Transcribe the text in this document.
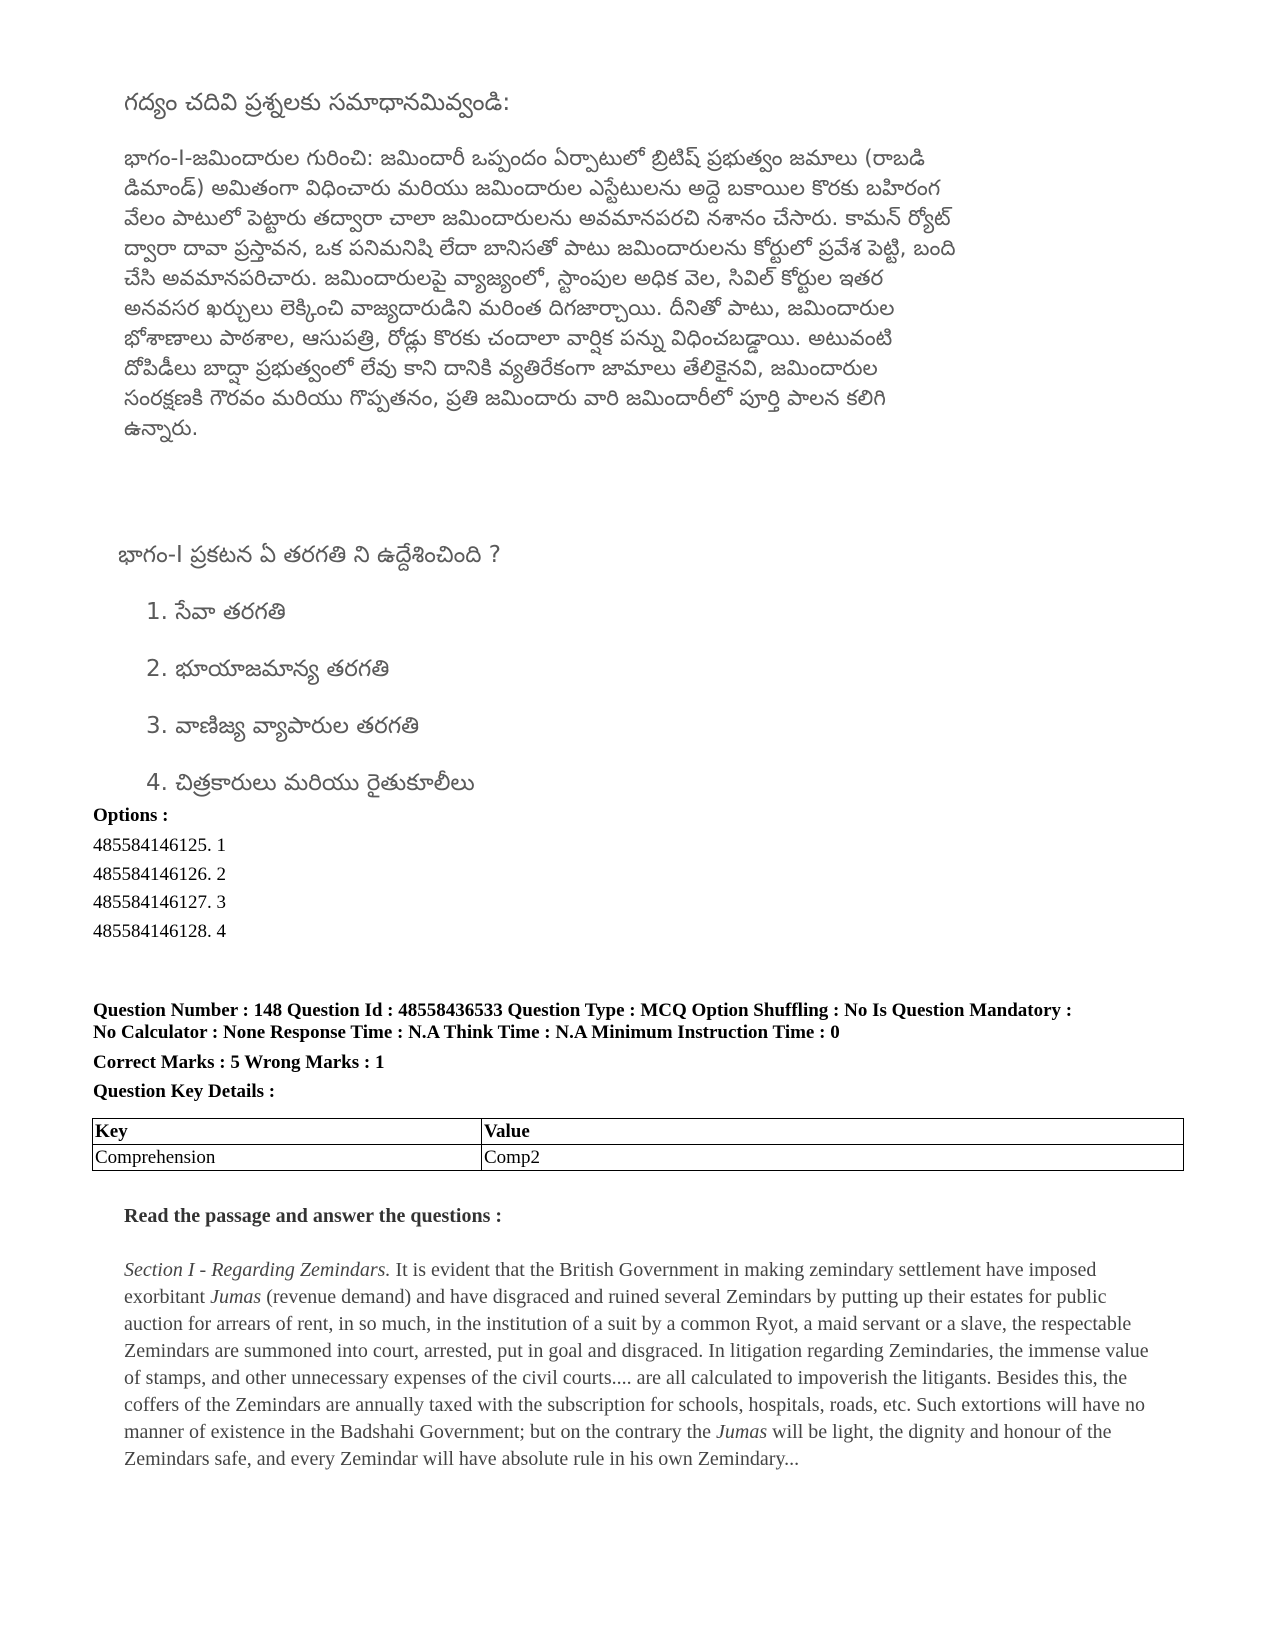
గద్యం చదివి ప్రశ్నలకు సమాధానమివ్వండి:
భాగం-I-జమిందారుల గురించి: జమిందారీ ఒప్పందం ఏర్పాటులో బ్రిటిష్ ప్రభుత్వం జమాలు (రాబడి
డిమాండ్) అమితంగా విధించారు మరియు జమిందారుల ఎస్టేటులను అద్దె బకాయిల కొరకు బహిరంగ
వేలం పాటులో పెట్టారు తద్వారా చాలా జమిందారులను అవమానపరచి నశానం చేసారు. కామన్ ర్యోట్
ద్వారా దావా ప్రస్తావన, ఒక పనిమనిషి లేదా బానిసతో పాటు జమిందారులను కోర్టులో ప్రవేశ పెట్టి, బంది
చేసి అవమానపరిచారు. జమిందారులపై వ్యాజ్యంలో, స్టాంపుల అధిక వెల, సివిల్ కోర్టుల ఇతర
అనవసర ఖర్చులు లెక్కించి వాజ్యదారుడిని మరింత దిగజార్చాయి. దీనితో పాటు, జమిందారుల
భోశాణాలు పాఠశాల, ఆసుపత్రి, రోడ్లు కొరకు చందాలా వార్షిక పన్ను విధించబడ్డాయి. అటువంటి
దోపిడీలు బాద్షా ప్రభుత్వంలో లేవు కాని దానికి వ్యతిరేకంగా జామాలు తేలికైనవి, జమిందారుల
సంరక్షణకి గౌరవం మరియు గొప్పతనం, ప్రతి జమిందారు వారి జమిందారీలో పూర్తి పాలన కలిగి
ఉన్నారు.
భాగం-I ప్రకటన ఏ తరగతి ని ఉద్దేశించింది ?
1. సేవా తరగతి
2. భూయాజమాన్య తరగతి
3. వాణిజ్య వ్యాపారుల తరగతి
4. చిత్రకారులు మరియు రైతుకూలీలు
Options :
485584146125. 1
485584146126. 2
485584146127. 3
485584146128. 4
Question Number : 148 Question Id : 48558436533 Question Type : MCQ Option Shuffling : No Is Question Mandatory :
No Calculator : None Response Time : N.A Think Time : N.A Minimum Instruction Time : 0
Correct Marks : 5 Wrong Marks : 1
Question Key Details :
Key	Value
Comprehension	Comp2
Read the passage and answer the questions :

Section I - Regarding Zemindars. It is evident that the British Government in making zemindary settlement have imposed exorbitant Jumas (revenue demand) and have disgraced and ruined several Zemindars by putting up their estates for public auction for arrears of rent, in so much, in the institution of a suit by a common Ryot, a maid servant or a slave, the respectable Zemindars are summoned into court, arrested, put in goal and disgraced. In litigation regarding Zemindaries, the immense value of stamps, and other unnecessary expenses of the civil courts.... are all calculated to impoverish the litigants. Besides this, the coffers of the Zemindars are annually taxed with the subscription for schools, hospitals, roads, etc. Such extortions will have no manner of existence in the Badshahi Government; but on the contrary the Jumas will be light, the dignity and honour of the Zemindars safe, and every Zemindar will have absolute rule in his own Zemindary...
